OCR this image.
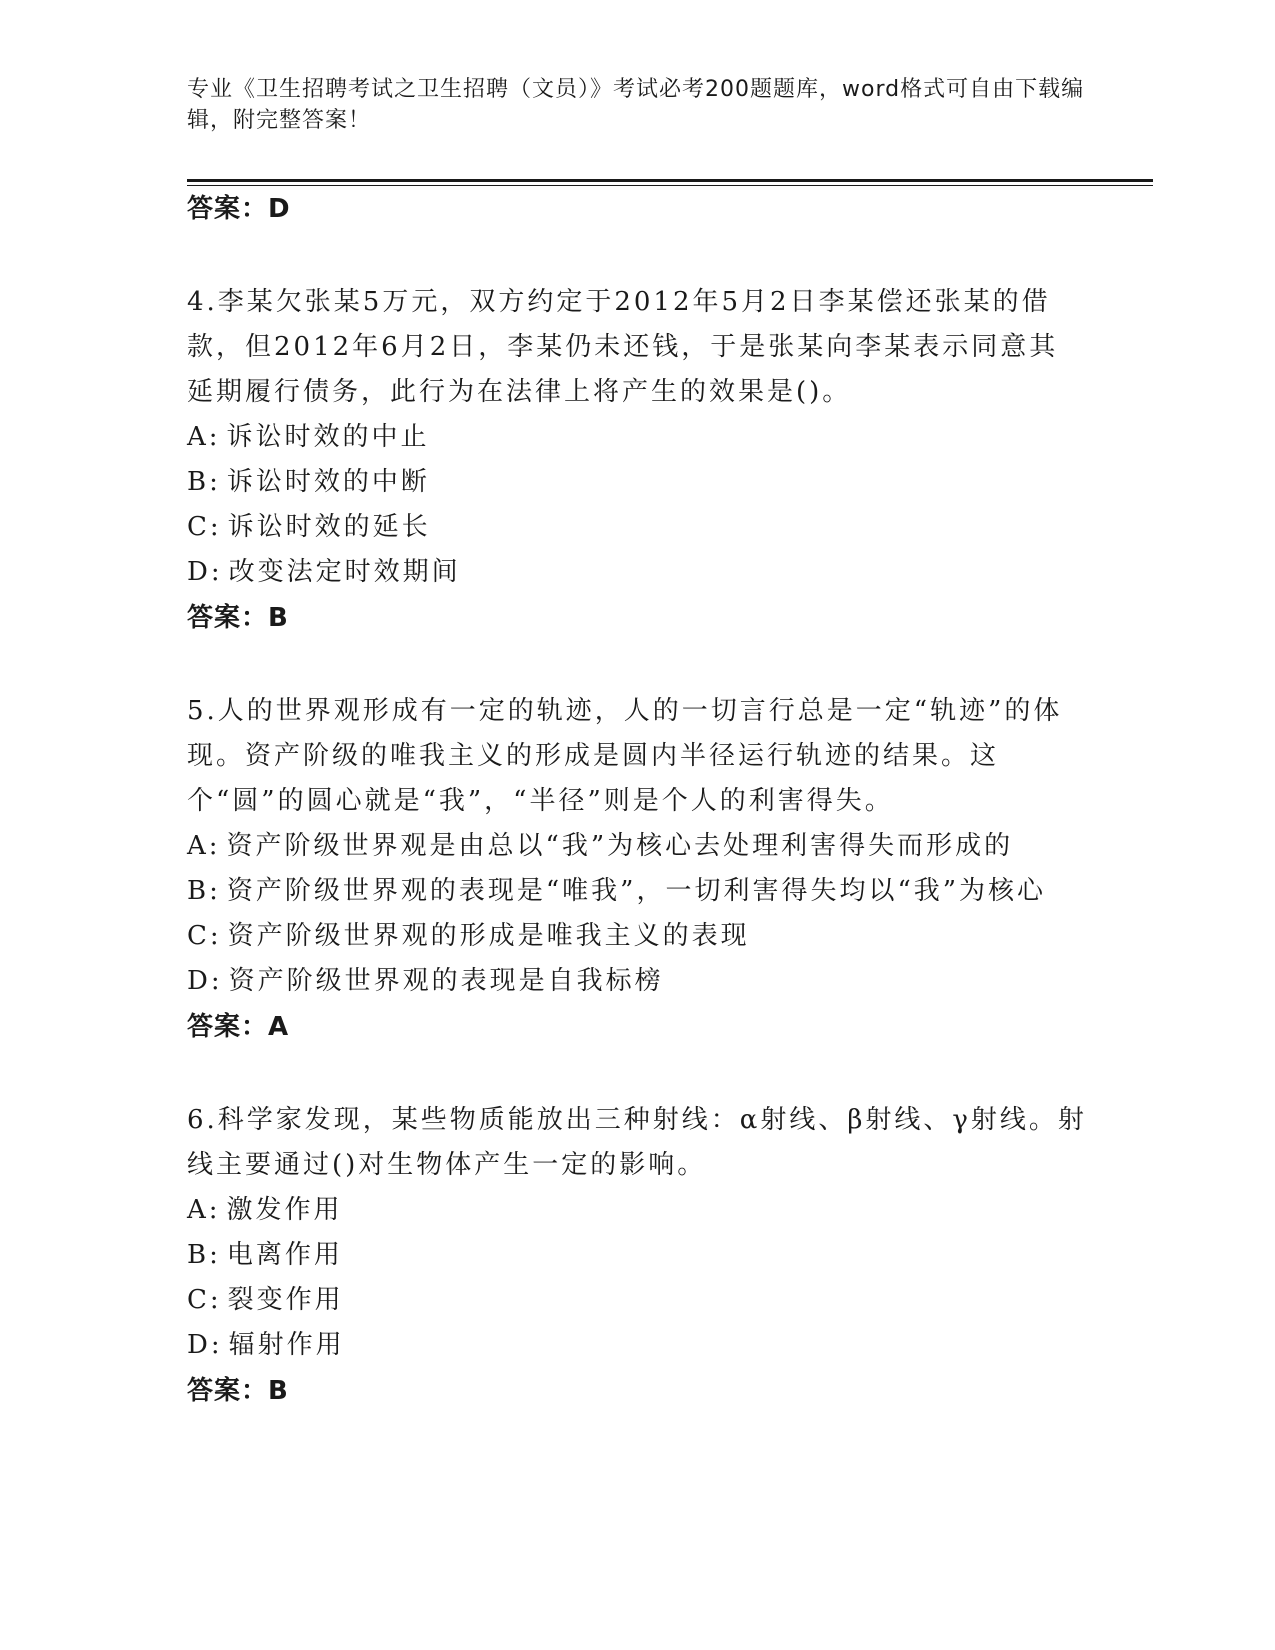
专业《卫生招聘考试之卫生招聘（文员）》考试必考200题题库，word格式可自由下载编辑，附完整答案！
答案：D
4.李某欠张某5万元，双方约定于2012年5月2日李某偿还张某的借款，但2012年6月2日，李某仍未还钱，于是张某向李某表示同意其延期履行债务，此行为在法律上将产生的效果是()。
A: 诉讼时效的中止
B: 诉讼时效的中断
C: 诉讼时效的延长
D: 改变法定时效期间
答案：B
5.人的世界观形成有一定的轨迹，人的一切言行总是一定“轨迹”的体现。资产阶级的唯我主义的形成是圆内半径运行轨迹的结果。这个“圆”的圆心就是“我”，“半径”则是个人的利害得失。
A: 资产阶级世界观是由总以“我”为核心去处理利害得失而形成的
B: 资产阶级世界观的表现是“唯我”，一切利害得失均以“我”为核心
C: 资产阶级世界观的形成是唯我主义的表现
D: 资产阶级世界观的表现是自我标榜
答案：A
6.科学家发现，某些物质能放出三种射线：α射线、β射线、γ射线。射线主要通过()对生物体产生一定的影响。
A: 激发作用
B: 电离作用
C: 裂变作用
D: 辐射作用
答案：B
